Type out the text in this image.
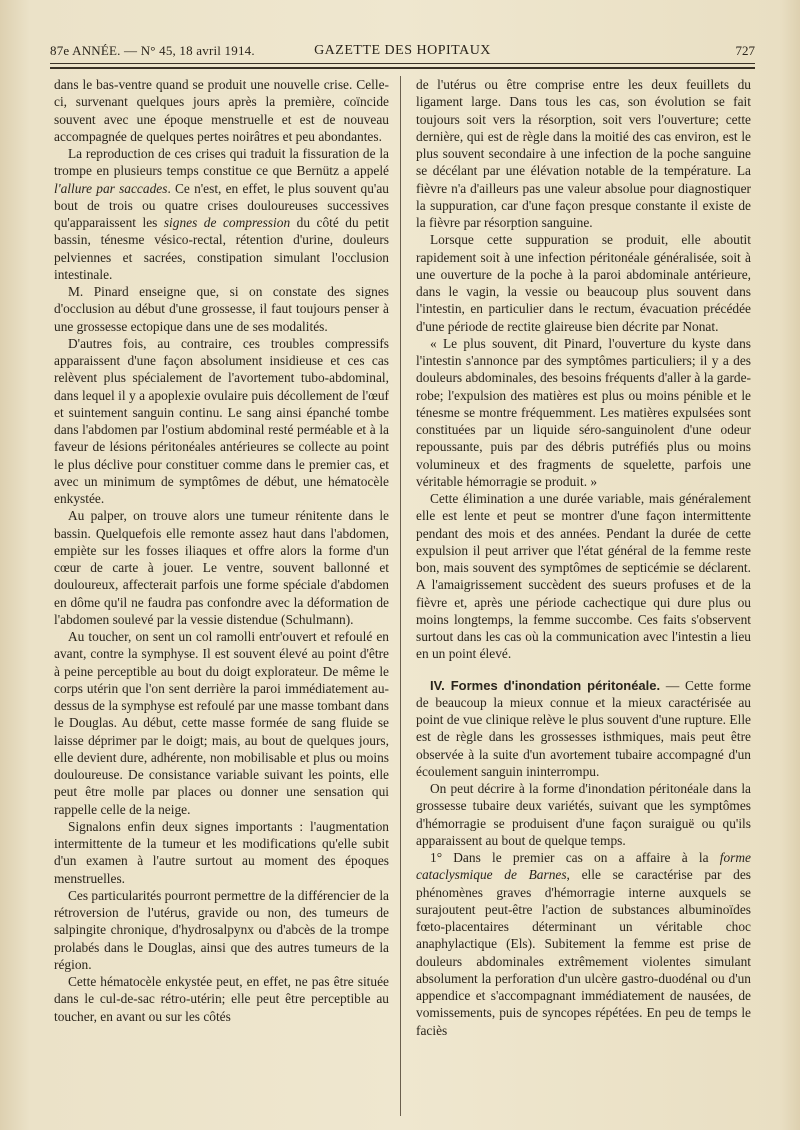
87e ANNÉE. — N° 45, 18 avril 1914.	GAZETTE DES HOPITAUX	727

dans le bas-ventre quand se produit une nouvelle crise. Celle-ci, survenant quelques jours après la première, coïncide souvent avec une époque menstruelle et est de nouveau accompagnée de quelques pertes noirâtres et peu abondantes.

La reproduction de ces crises qui traduit la fissuration de la trompe en plusieurs temps constitue ce que Bernütz a appelé l'allure par saccades. Ce n'est, en effet, le plus souvent qu'au bout de trois ou quatre crises douloureuses successives qu'apparaissent les signes de compression du côté du petit bassin, ténesme vésico-rectal, rétention d'urine, douleurs pelviennes et sacrées, constipation simulant l'occlusion intestinale.

M. Pinard enseigne que, si on constate des signes d'occlusion au début d'une grossesse, il faut toujours penser à une grossesse ectopique dans une de ses modalités.

D'autres fois, au contraire, ces troubles compressifs apparaissent d'une façon absolument insidieuse et ces cas relèvent plus spécialement de l'avortement tubo-abdominal, dans lequel il y a apoplexie ovulaire puis décollement de l'œuf et suintement sanguin continu. Le sang ainsi épanché tombe dans l'abdomen par l'ostium abdominal resté perméable et à la faveur de lésions péritonéales antérieures se collecte au point le plus déclive pour constituer comme dans le premier cas, et avec un minimum de symptômes de début, une hématocèle enkystée.

Au palper, on trouve alors une tumeur rénitente dans le bassin. Quelquefois elle remonte assez haut dans l'abdomen, empiète sur les fosses iliaques et offre alors la forme d'un cœur de carte à jouer. Le ventre, souvent ballonné et douloureux, affecterait parfois une forme spéciale d'abdomen en dôme qu'il ne faudra pas confondre avec la déformation de l'abdomen soulevé par la vessie distendue (Schulmann).

Au toucher, on sent un col ramolli entr'ouvert et refoulé en avant, contre la symphyse. Il est souvent élevé au point d'être à peine perceptible au bout du doigt explorateur. De même le corps utérin que l'on sent derrière la paroi immédiatement au-dessus de la symphyse est refoulé par une masse tombant dans le Douglas. Au début, cette masse formée de sang fluide se laisse déprimer par le doigt; mais, au bout de quelques jours, elle devient dure, adhérente, non mobilisable et plus ou moins douloureuse. De consistance variable suivant les points, elle peut être molle par places ou donner une sensation qui rappelle celle de la neige.

Signalons enfin deux signes importants : l'augmentation intermittente de la tumeur et les modifications qu'elle subit d'un examen à l'autre surtout au moment des époques menstruelles.

Ces particularités pourront permettre de la différencier de la rétroversion de l'utérus, gravide ou non, des tumeurs de salpingite chronique, d'hydrosalpynx ou d'abcès de la trompe prolabés dans le Douglas, ainsi que des autres tumeurs de la région.

Cette hématocèle enkystée peut, en effet, ne pas être située dans le cul-de-sac rétro-utérin; elle peut être perceptible au toucher, en avant ou sur les côtés

de l'utérus ou être comprise entre les deux feuillets du ligament large. Dans tous les cas, son évolution se fait toujours soit vers la résorption, soit vers l'ouverture; cette dernière, qui est de règle dans la moitié des cas environ, est le plus souvent secondaire à une infection de la poche sanguine se décélant par une élévation notable de la température. La fièvre n'a d'ailleurs pas une valeur absolue pour diagnostiquer la suppuration, car d'une façon presque constante il existe de la fièvre par résorption sanguine.

Lorsque cette suppuration se produit, elle aboutit rapidement soit à une infection péritonéale généralisée, soit à une ouverture de la poche à la paroi abdominale antérieure, dans le vagin, la vessie ou beaucoup plus souvent dans l'intestin, en particulier dans le rectum, évacuation précédée d'une période de rectite glaireuse bien décrite par Nonat.

« Le plus souvent, dit Pinard, l'ouverture du kyste dans l'intestin s'annonce par des symptômes particuliers; il y a des douleurs abdominales, des besoins fréquents d'aller à la garde-robe; l'expulsion des matières est plus ou moins pénible et le ténesme se montre fréquemment. Les matières expulsées sont constituées par un liquide séro-sanguinolent d'une odeur repoussante, puis par des débris putréfiés plus ou moins volumineux et des fragments de squelette, parfois une véritable hémorragie se produit. »

Cette élimination a une durée variable, mais généralement elle est lente et peut se montrer d'une façon intermittente pendant des mois et des années. Pendant la durée de cette expulsion il peut arriver que l'état général de la femme reste bon, mais souvent des symptômes de septicémie se déclarent. A l'amaigrissement succèdent des sueurs profuses et de la fièvre et, après une période cachectique qui dure plus ou moins longtemps, la femme succombe. Ces faits s'observent surtout dans les cas où la communication avec l'intestin a lieu en un point élevé.

IV. Formes d'inondation péritonéale. — Cette forme de beaucoup la mieux connue et la mieux caractérisée au point de vue clinique relève le plus souvent d'une rupture. Elle est de règle dans les grossesses isthmiques, mais peut être observée à la suite d'un avortement tubaire accompagné d'un écoulement sanguin ininterrompu.

On peut décrire à la forme d'inondation péritonéale dans la grossesse tubaire deux variétés, suivant que les symptômes d'hémorragie se produisent d'une façon suraiguë ou qu'ils apparaissent au bout de quelque temps.

1° Dans le premier cas on a affaire à la forme cataclysmique de Barnes, elle se caractérise par des phénomènes graves d'hémorragie interne auxquels se surajoutent peut-être l'action de substances albuminoïdes fœto-placentaires déterminant un véritable choc anaphylactique (Els). Subitement la femme est prise de douleurs abdominales extrêmement violentes simulant absolument la perforation d'un ulcère gastro-duodénal ou d'un appendice et s'accompagnant immédiatement de nausées, de vomissements, puis de syncopes répétées. En peu de temps le faciès
